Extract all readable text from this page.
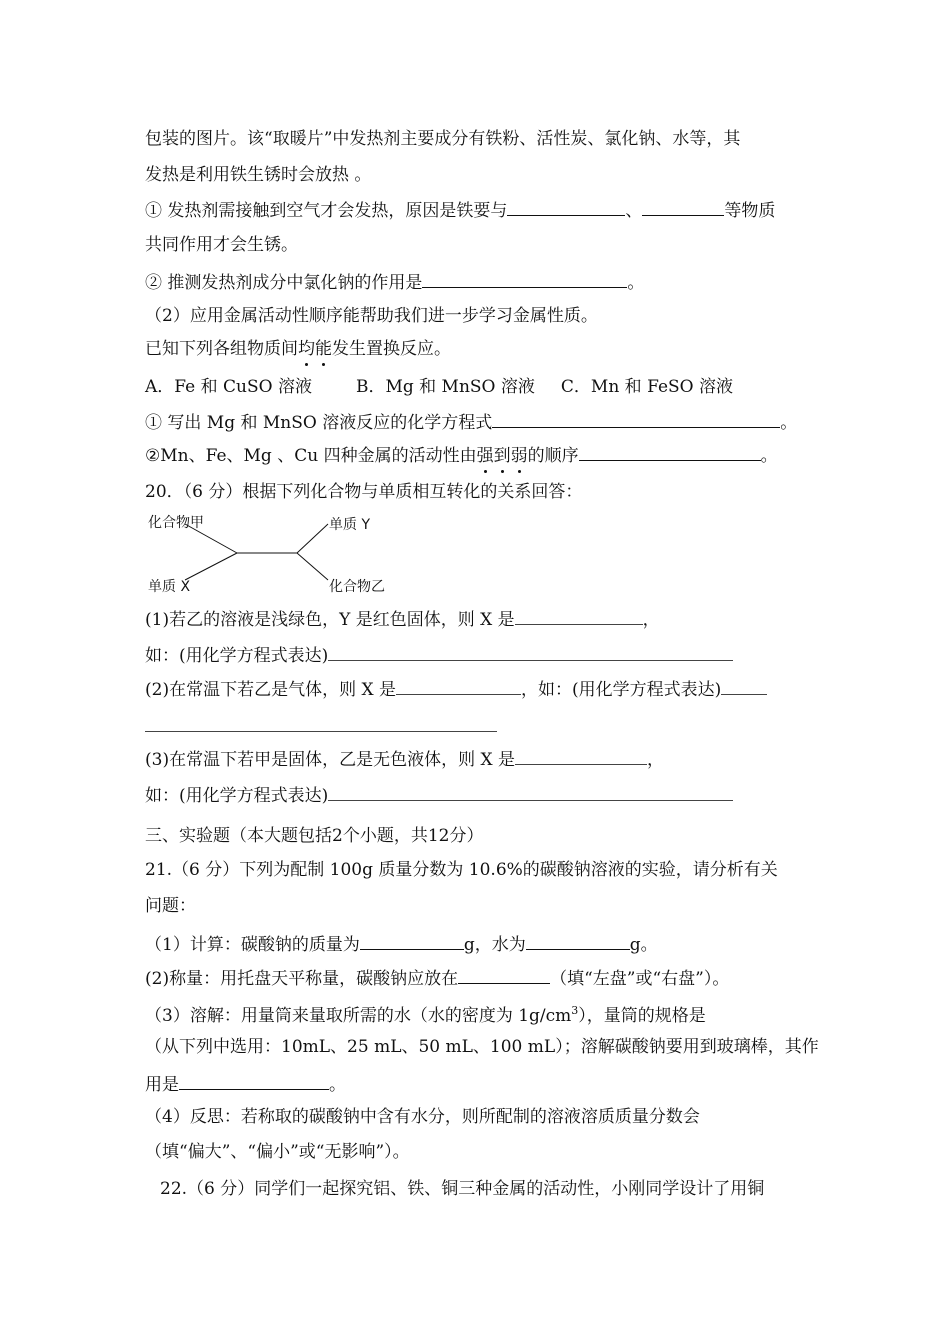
包装的图片。该“取暖片”中发热剂主要成分有铁粉、活性炭、氯化钠、水等，其
发热是利用铁生锈时会放热 。
① 发热剂需接触到空气才会发热，原因是铁要与	、	等物质
共同作用才会生锈。
② 推测发热剂成分中氯化钠的作用是	。
（2）应用金属活动性顺序能帮助我们进一步学习金属性质。
已知下列各组物质间均能发生置换反应。
A．Fe 和 CuSO 溶液	B．Mg 和 MnSO 溶液 C．Mn 和 FeSO 溶液
① 写出 Mg 和 MnSO 溶液反应的化学方程式	。
②Mn、Fe、Mg 、Cu 四种金属的活动性由强到弱的顺序	。
20．（6 分）根据下列化合物与单质相互转化的关系回答：
化合物甲	单质 Y
单质 X	化合物乙
(1)若乙的溶液是浅绿色，Y 是红色固体，则 X 是	，
如：(用化学方程式表达)
(2)在常温下若乙是气体，则 X 是	，如：(用化学方程式表达)
(3)在常温下若甲是固体，乙是无色液体，则 X 是	，
如：(用化学方程式表达)
三、实验题（本大题包括2个小题，共12分）
21.（6 分）下列为配制 100g 质量分数为 10.6%的碳酸钠溶液的实验，请分析有关
问题：
（1）计算：碳酸钠的质量为	g，水为	g。
(2)称量：用托盘天平称量，碳酸钠应放在	（填“左盘”或“右盘”）。
（3）溶解：用量筒来量取所需的水（水的密度为 $1g/cm^3$），量筒的规格是
（从下列中选用：10mL、25 mL、50 mL、100 mL）；溶解碳酸钠要用到玻璃棒，其作
用是	。
（4）反思：若称取的碳酸钠中含有水分，则所配制的溶液溶质质量分数会
（填“偏大”、“偏小”或“无影响”）。
22.（6 分）同学们一起探究铝、铁、铜三种金属的活动性，小刚同学设计了用铜
